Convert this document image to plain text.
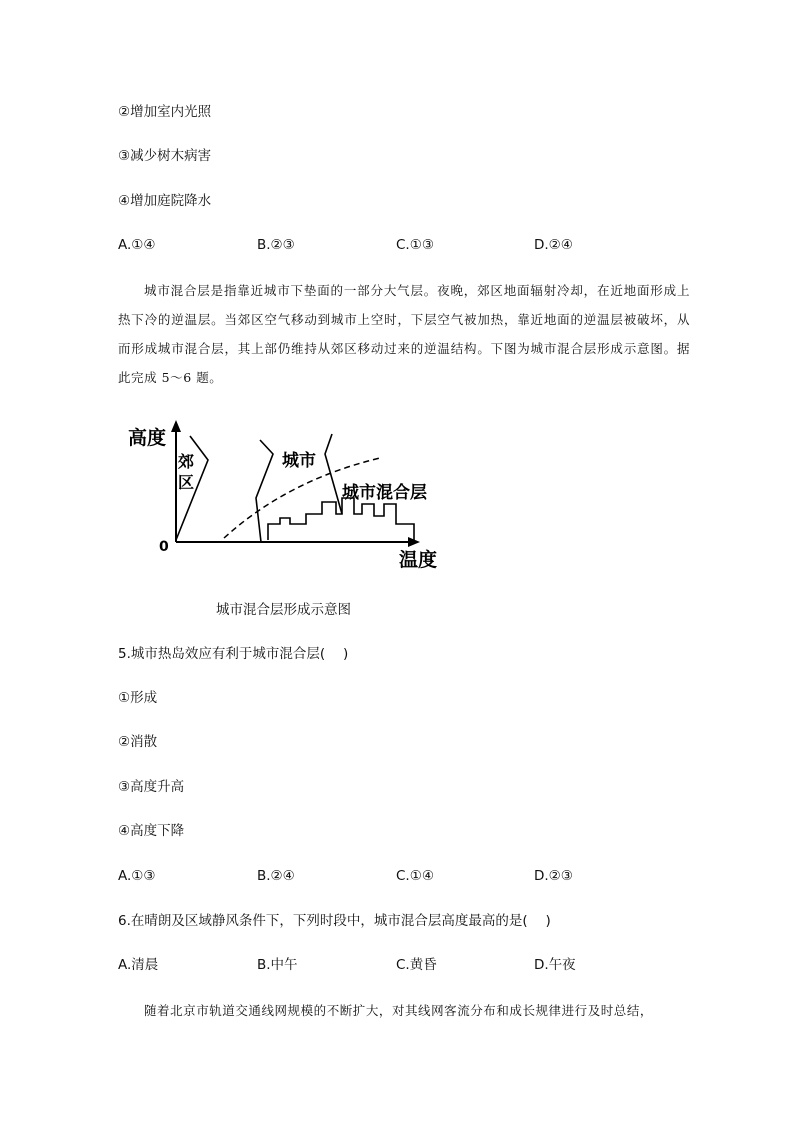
②增加室内光照
③减少树木病害
④增加庭院降水
A.①④	B.②③	C.①③	D.②④
城市混合层是指靠近城市下垫面的一部分大气层。夜晚，郊区地面辐射冷却，在近地面形成上热下冷的逆温层。当郊区空气移动到城市上空时，下层空气被加热，靠近地面的逆温层被破坏，从而形成城市混合层，其上部仍维持从郊区移动过来的逆温结构。下图为城市混合层形成示意图。据此完成 5～6 题。
高度
温度
0
郊
区
城市
城市混合层
城市混合层形成示意图
5.城市热岛效应有利于城市混合层(　 )
①形成
②消散
③高度升高
④高度下降
A.①③	B.②④	C.①④	D.②③
6.在晴朗及区域静风条件下，下列时段中，城市混合层高度最高的是(　 )
A.清晨	B.中午	C.黄昏	D.午夜
随着北京市轨道交通线网规模的不断扩大，对其线网客流分布和成长规律进行及时总结，
